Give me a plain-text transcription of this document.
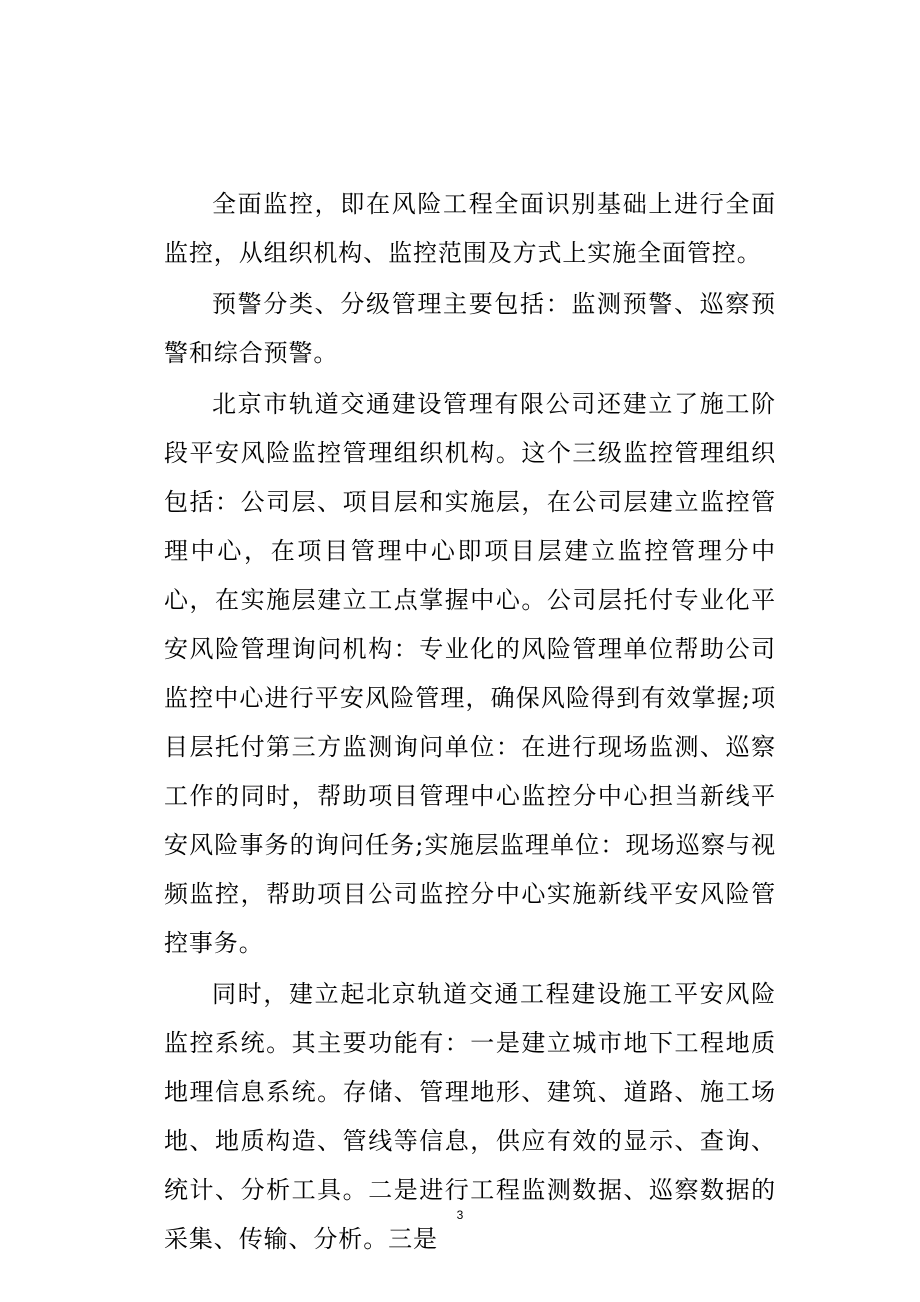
全面监控，即在风险工程全面识别基础上进行全面监控，从组织机构、监控范围及方式上实施全面管控。

预警分类、分级管理主要包括：监测预警、巡察预警和综合预警。

北京市轨道交通建设管理有限公司还建立了施工阶段平安风险监控管理组织机构。这个三级监控管理组织包括：公司层、项目层和实施层，在公司层建立监控管理中心，在项目管理中心即项目层建立监控管理分中心，在实施层建立工点掌握中心。公司层托付专业化平安风险管理询问机构：专业化的风险管理单位帮助公司监控中心进行平安风险管理，确保风险得到有效掌握;项目层托付第三方监测询问单位：在进行现场监测、巡察工作的同时，帮助项目管理中心监控分中心担当新线平安风险事务的询问任务;实施层监理单位：现场巡察与视频监控，帮助项目公司监控分中心实施新线平安风险管控事务。

同时，建立起北京轨道交通工程建设施工平安风险监控系统。其主要功能有：一是建立城市地下工程地质地理信息系统。存储、管理地形、建筑、道路、施工场地、地质构造、管线等信息，供应有效的显示、查询、统计、分析工具。二是进行工程监测数据、巡察数据的采集、传输、分析。三是

3
